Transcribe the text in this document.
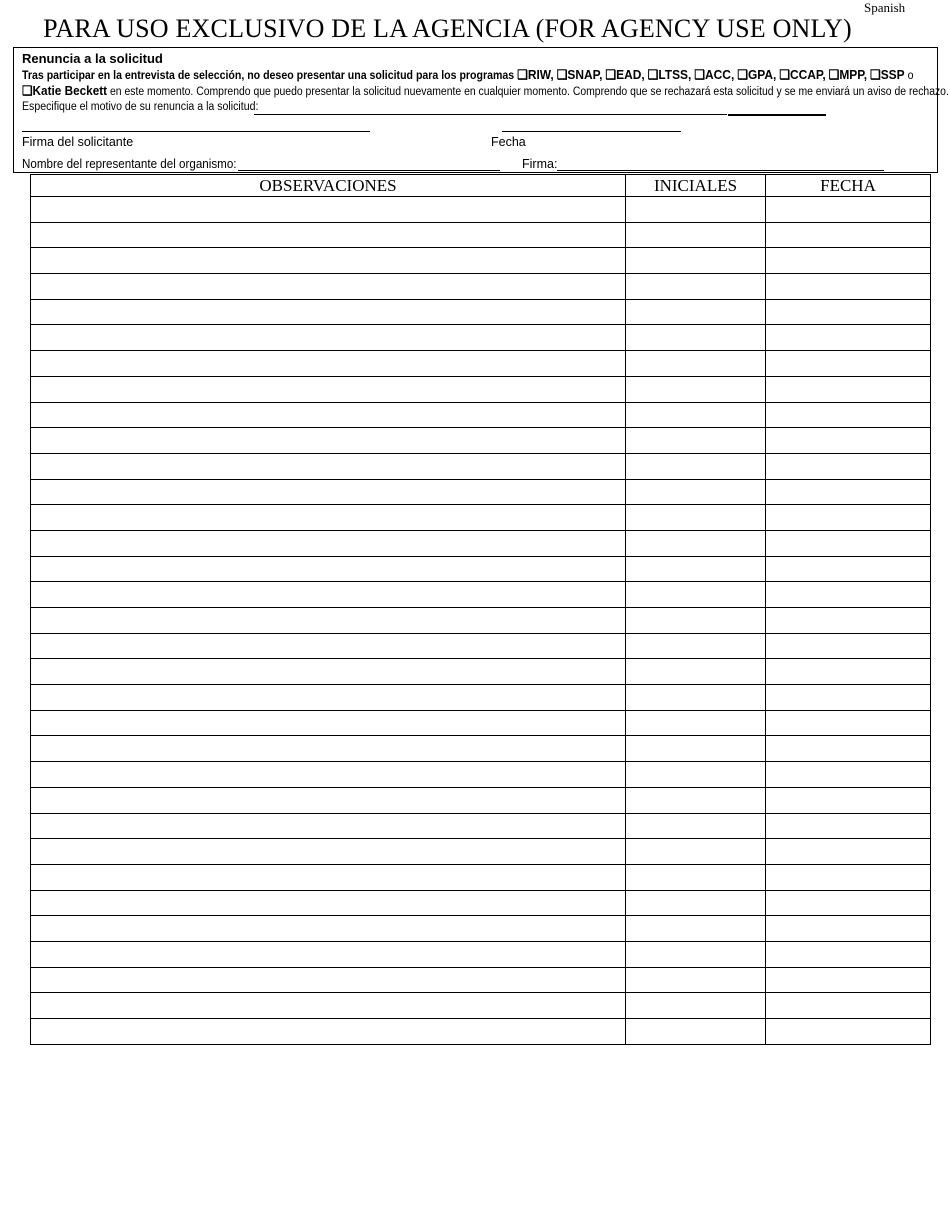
Spanish
PARA USO EXCLUSIVO DE LA AGENCIA (FOR AGENCY USE ONLY)
Renuncia a la solicitud
Tras participar en la entrevista de selección, no deseo presentar una solicitud para los programas ❑RIW, ❑SNAP, ❑EAD, ❑LTSS, ❑ACC, ❑GPA, ❑CCAP, ❑MPP, ❑SSP o
❑Katie Beckett en este momento. Comprendo que puedo presentar la solicitud nuevamente en cualquier momento. Comprendo que se rechazará esta solicitud y se me enviará un aviso de rechazo.
Especifique el motivo de su renuncia a la solicitud:
Firma del solicitante	Fecha
Nombre del representante del organismo:	Firma:
OBSERVACIONES	INICIALES	FECHA
